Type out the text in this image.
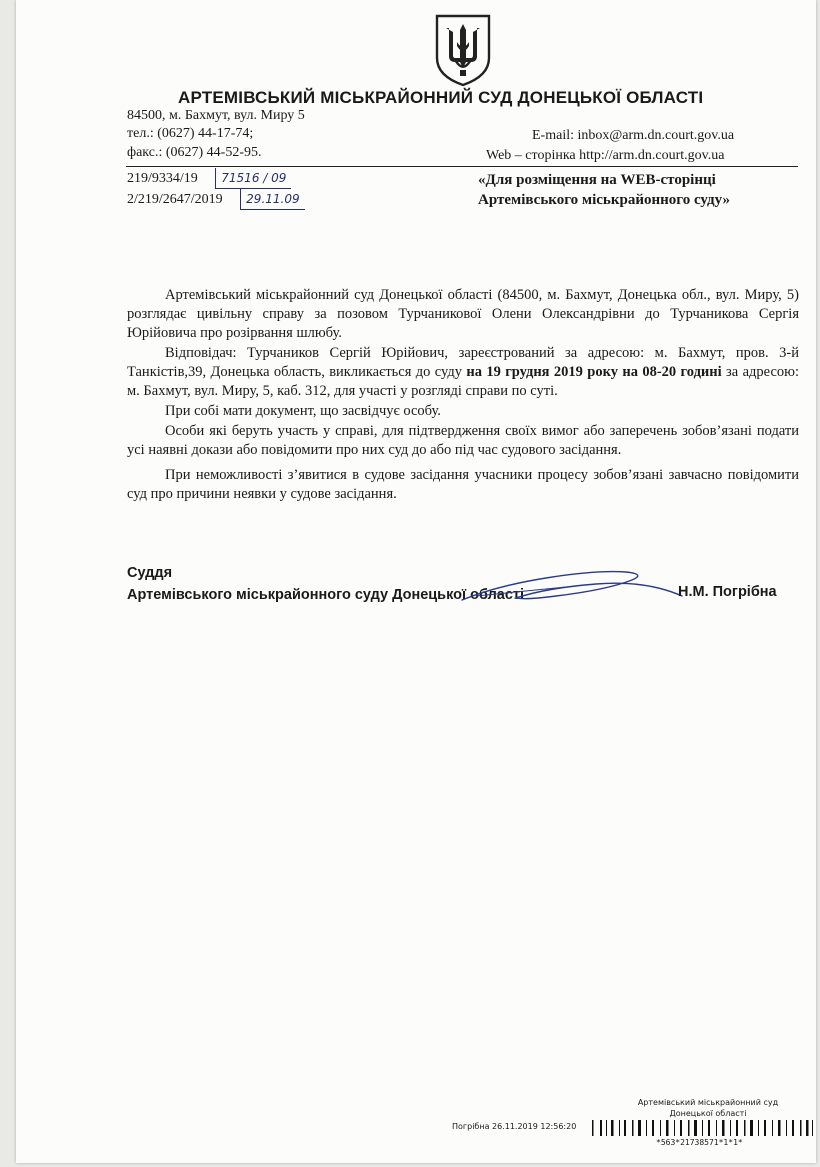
АРТЕМІВСЬКИЙ МІСЬКРАЙОННИЙ СУД ДОНЕЦЬКОЇ ОБЛАСТІ
84500, м. Бахмут, вул. Миру 5
тел.: (0627) 44-17-74;
факс.: (0627) 44-52-95.
E-mail: inbox@arm.dn.court.gov.ua
Web – сторінка http://arm.dn.court.gov.ua
219/9334/19 71516 / 09
2/219/2647/2019 29.11.09
«Для розміщення на WEB-сторінці
Артемівського міськрайонного суду»

Артемівський міськрайонний суд Донецької області (84500, м. Бахмут, Донецька обл., вул. Миру, 5) розглядає цивільну справу за позовом Турчаникової Олени Олександрівни до Турчаникова Сергія Юрійовича про розірвання шлюбу.

Відповідач: Турчаников Сергій Юрійович, зареєстрований за адресою: м. Бахмут, пров. 3-й Танкістів,39, Донецька область, викликається до суду на 19 грудня 2019 року на 08-20 годині за адресою: м. Бахмут, вул. Миру, 5, каб. 312, для участі у розгляді справи по суті.

При собі мати документ, що засвідчує особу.

Особи які беруть участь у справі, для підтвердження своїх вимог або заперечень зобов’язані подати усі наявні докази або повідомити про них суд до або під час судового засідання.

При неможливості з’явитися в судове засідання учасники процесу зобов’язані завчасно повідомити суд про причини неявки у судове засідання.

Суддя
Артемівського міськрайонного суду Донецької області	Н.М. Погрібна
Артемівський міськрайонний суд
Донецької області
Погрібна 26.11.2019 12:56:20
*563*21738571*1*1*
